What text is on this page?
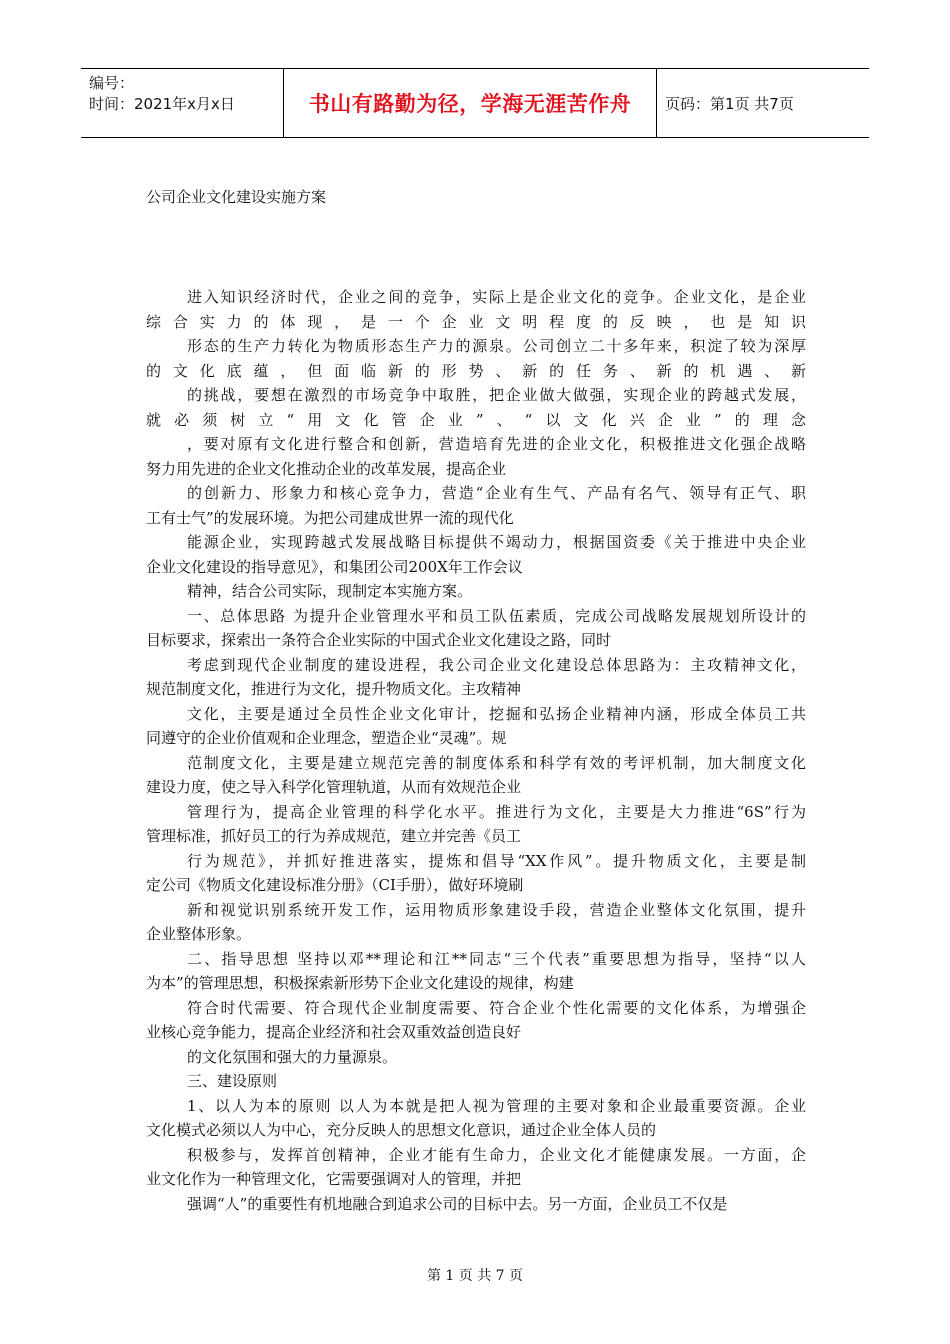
编号：
时间：2021年x月x日	书山有路勤为径，学海无涯苦作舟	页码：第1页 共7页
公司企业文化建设实施方案
进入知识经济时代，企业之间的竞争，实际上是企业文化的竞争。企业文化，是企业
综合实力的体现，是一个企业文明程度的反映，也是知识
形态的生产力转化为物质形态生产力的源泉。公司创立二十多年来，积淀了较为深厚
的文化底蕴，但面临新的形势、新的任务、新的机遇、新
的挑战，要想在激烈的市场竞争中取胜，把企业做大做强，实现企业的跨越式发展，
就必须树立“用文化管企业”、“以文化兴企业”的理念
，要对原有文化进行整合和创新，营造培育先进的企业文化，积极推进文化强企战略
努力用先进的企业文化推动企业的改革发展，提高企业
的创新力、形象力和核心竞争力，营造“企业有生气、产品有名气、领导有正气、职
工有士气”的发展环境。为把公司建成世界一流的现代化
能源企业，实现跨越式发展战略目标提供不竭动力，根据国资委《关于推进中央企业
企业文化建设的指导意见》，和集团公司200X年工作会议
精神，结合公司实际，现制定本实施方案。
一、总体思路 为提升企业管理水平和员工队伍素质，完成公司战略发展规划所设计的
目标要求，探索出一条符合企业实际的中国式企业文化建设之路，同时
考虑到现代企业制度的建设进程，我公司企业文化建设总体思路为：主攻精神文化，
规范制度文化，推进行为文化，提升物质文化。主攻精神
文化，主要是通过全员性企业文化审计，挖掘和弘扬企业精神内涵，形成全体员工共
同遵守的企业价值观和企业理念，塑造企业“灵魂”。规
范制度文化，主要是建立规范完善的制度体系和科学有效的考评机制，加大制度文化
建设力度，使之导入科学化管理轨道，从而有效规范企业
管理行为，提高企业管理的科学化水平。推进行为文化，主要是大力推进“6S”行为
管理标准，抓好员工的行为养成规范，建立并完善《员工
行为规范》，并抓好推进落实，提炼和倡导“XX作风”。提升物质文化，主要是制
定公司《物质文化建设标准分册》（CI手册），做好环境刷
新和视觉识别系统开发工作，运用物质形象建设手段，营造企业整体文化氛围，提升
企业整体形象。
二、指导思想 坚持以邓**理论和江**同志“三个代表”重要思想为指导，坚持“以人
为本”的管理思想，积极探索新形势下企业文化建设的规律，构建
符合时代需要、符合现代企业制度需要、符合企业个性化需要的文化体系，为增强企
业核心竞争能力，提高企业经济和社会双重效益创造良好
的文化氛围和强大的力量源泉。
三、建设原则
1、以人为本的原则 以人为本就是把人视为管理的主要对象和企业最重要资源。企业
文化模式必须以人为中心，充分反映人的思想文化意识，通过企业全体人员的
积极参与，发挥首创精神，企业才能有生命力，企业文化才能健康发展。一方面，企
业文化作为一种管理文化，它需要强调对人的管理，并把
强调“人”的重要性有机地融合到追求公司的目标中去。另一方面，企业员工不仅是
第 1 页 共 7 页
